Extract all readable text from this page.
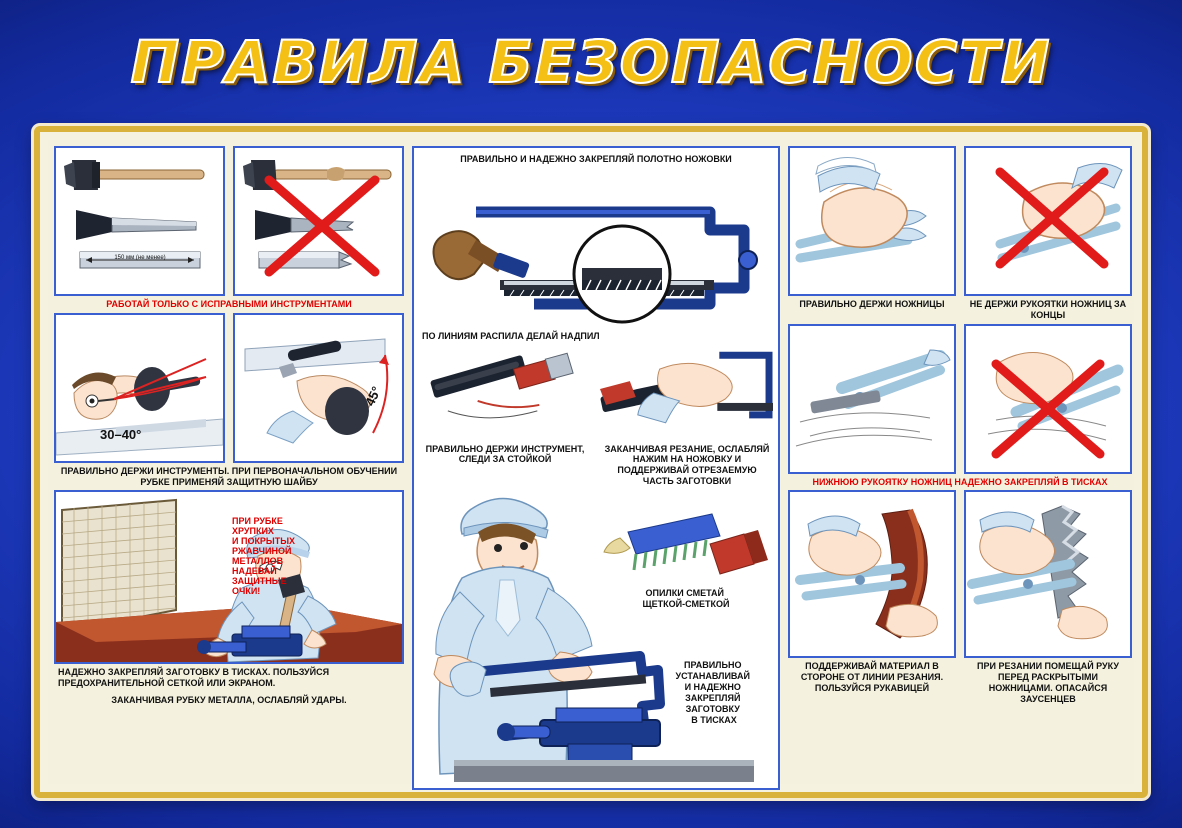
ПРАВИЛА БЕЗОПАСНОСТИ
150 мм (не менее)
РАБОТАЙ ТОЛЬКО С ИСПРАВНЫМИ ИНСТРУМЕНТАМИ
30–40°
45°
ПРАВИЛЬНО ДЕРЖИ ИНСТРУМЕНТЫ. ПРИ ПЕРВОНАЧАЛЬНОМ ОБУЧЕНИИ РУБКЕ ПРИМЕНЯЙ ЗАЩИТНУЮ ШАЙБУ
ПРИ РУБКЕ ХРУПКИХ И ПОКРЫТЫХ РЖАВЧИНОЙ МЕТАЛЛОВ НАДЕВАЙ ЗАЩИТНЫЕ ОЧКИ!
НАДЕЖНО ЗАКРЕПЛЯЙ ЗАГОТОВКУ В ТИСКАХ. ПОЛЬЗУЙСЯ ПРЕДОХРАНИТЕЛЬНОЙ СЕТКОЙ ИЛИ ЭКРАНОМ.
ЗАКАНЧИВАЯ РУБКУ МЕТАЛЛА, ОСЛАБЛЯЙ УДАРЫ.
ПРАВИЛЬНО И НАДЕЖНО ЗАКРЕПЛЯЙ ПОЛОТНО НОЖОВКИ
ПО ЛИНИЯМ РАСПИЛА ДЕЛАЙ НАДПИЛ
ПРАВИЛЬНО ДЕРЖИ ИНСТРУМЕНТ, СЛЕДИ ЗА СТОЙКОЙ
ЗАКАНЧИВАЯ РЕЗАНИЕ, ОСЛАБЛЯЙ НАЖИМ НА НОЖОВКУ И ПОДДЕРЖИВАЙ ОТРЕЗАЕМУЮ ЧАСТЬ ЗАГОТОВКИ
ОПИЛКИ СМЕТАЙ ЩЕТКОЙ-СМЕТКОЙ
ПРАВИЛЬНО УСТАНАВЛИВАЙ И НАДЕЖНО ЗАКРЕПЛЯЙ ЗАГОТОВКУ В ТИСКАХ
ПРАВИЛЬНО ДЕРЖИ НОЖНИЦЫ	НЕ ДЕРЖИ РУКОЯТКИ НОЖНИЦ ЗА КОНЦЫ
НИЖНЮЮ РУКОЯТКУ НОЖНИЦ НАДЕЖНО ЗАКРЕПЛЯЙ В ТИСКАХ
ПОДДЕРЖИВАЙ МАТЕРИАЛ В СТОРОНЕ ОТ ЛИНИИ РЕЗАНИЯ. ПОЛЬЗУЙСЯ РУКАВИЦЕЙ
ПРИ РЕЗАНИИ ПОМЕЩАЙ РУКУ ПЕРЕД РАСКРЫТЫМИ НОЖНИЦАМИ. ОПАСАЙСЯ ЗАУСЕНЦЕВ
